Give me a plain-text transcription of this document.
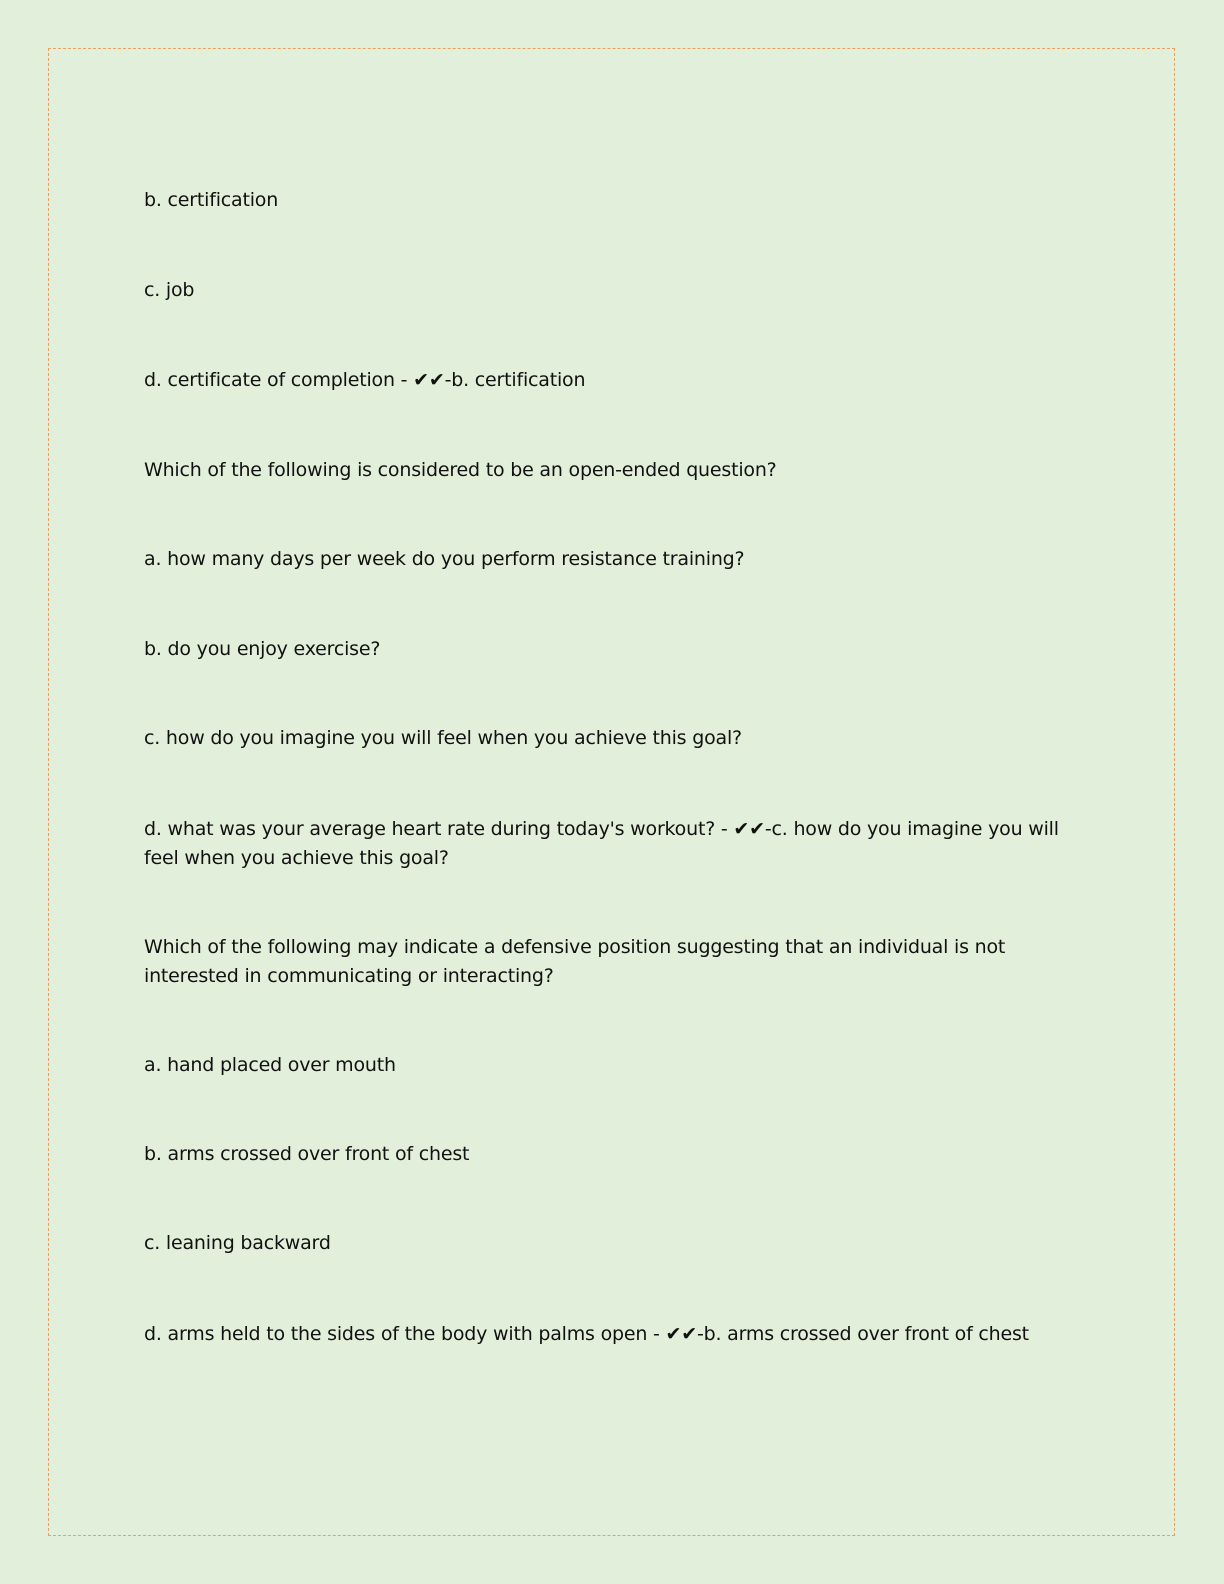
b. certification
c. job
d. certificate of completion - ✔✔-b. certification
Which of the following is considered to be an open-ended question?
a. how many days per week do you perform resistance training?
b. do you enjoy exercise?
c. how do you imagine you will feel when you achieve this goal?
d. what was your average heart rate during today's workout? - ✔✔-c. how do you imagine you will feel when you achieve this goal?
Which of the following may indicate a defensive position suggesting that an individual is not interested in communicating or interacting?
a. hand placed over mouth
b. arms crossed over front of chest
c. leaning backward
d. arms held to the sides of the body with palms open - ✔✔-b. arms crossed over front of chest
